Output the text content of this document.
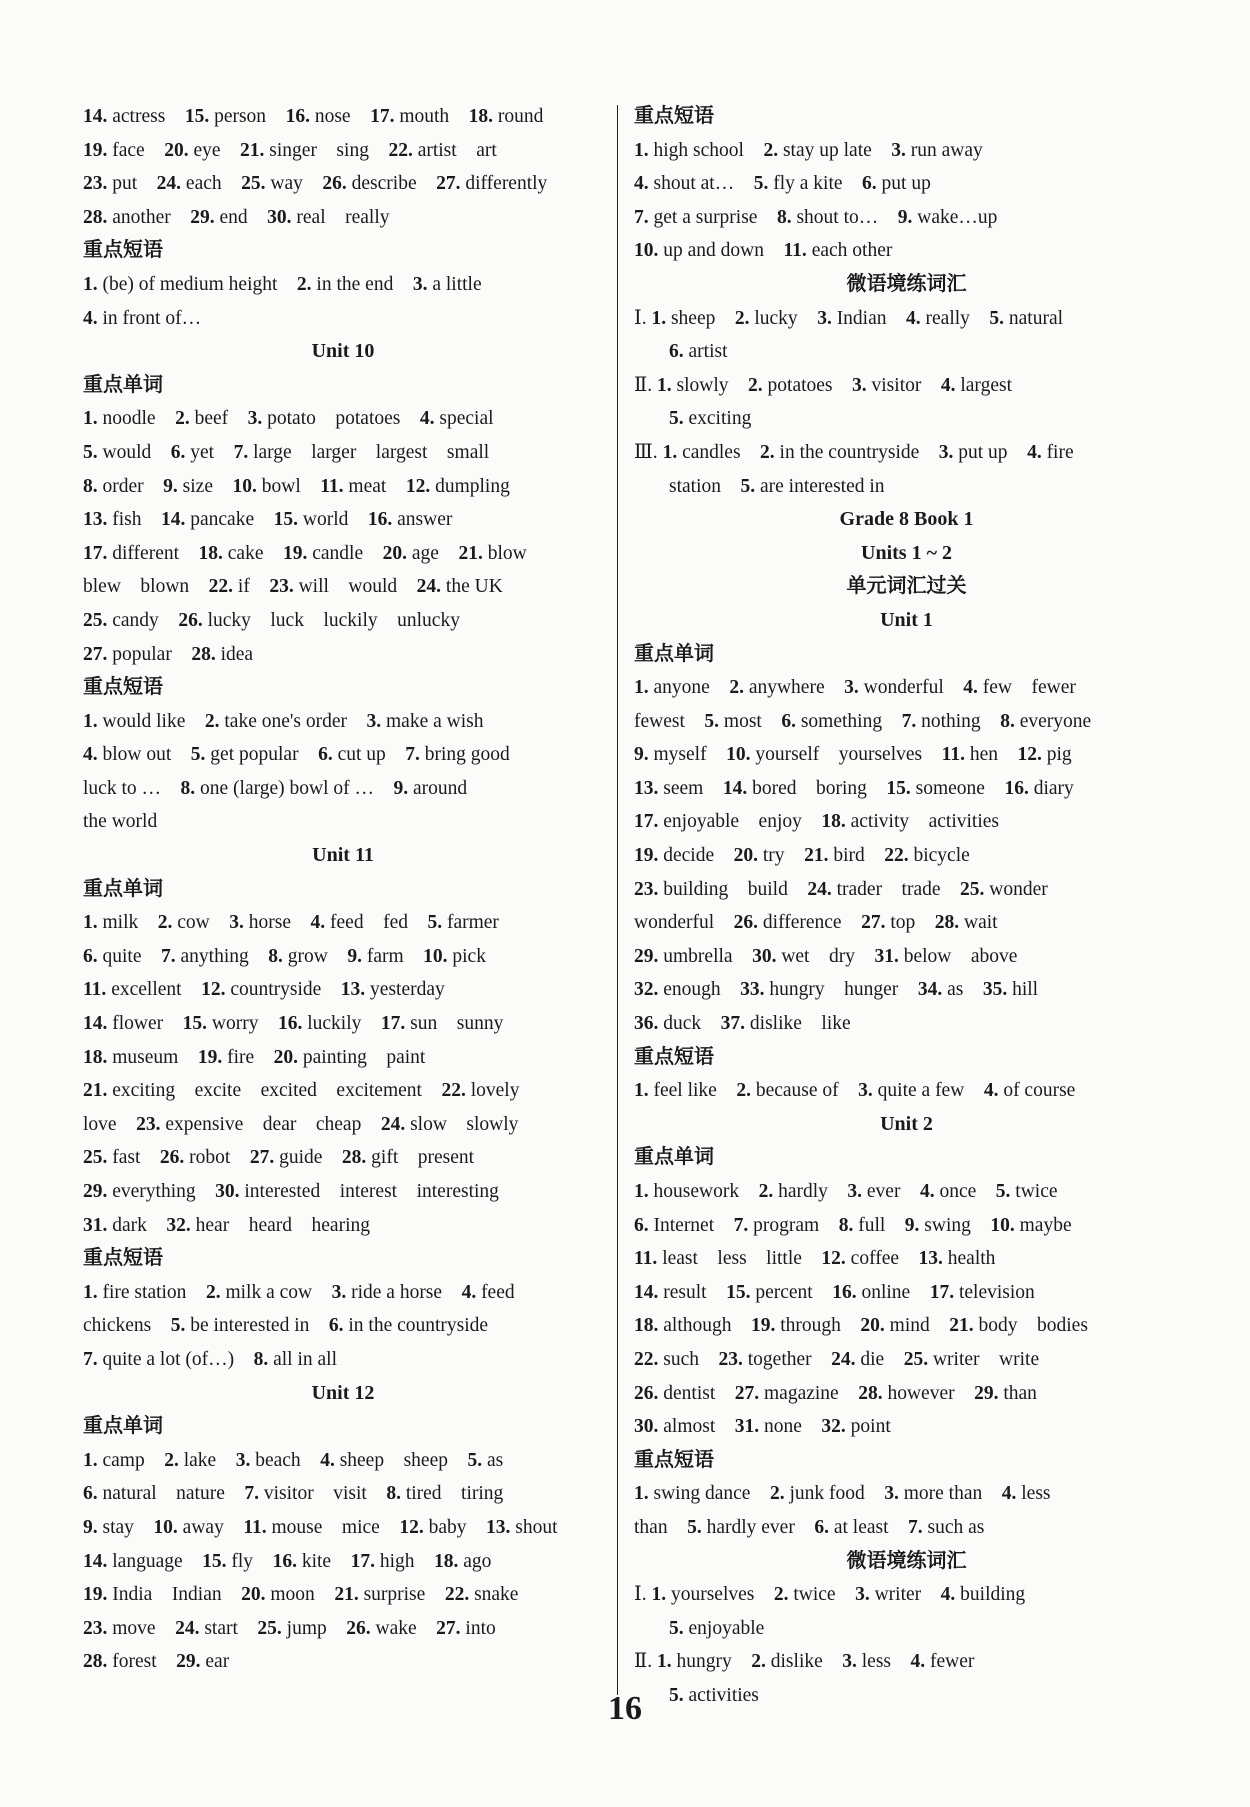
14. actress 15. person 16. nose 17. mouth 18. round
19. face 20. eye 21. singer sing 22. artist art
23. put 24. each 25. way 26. describe 27. differently
28. another 29. end 30. real really
重点短语
1. (be) of medium height 2. in the end 3. a little
4. in front of…
Unit 10
重点单词
1. noodle 2. beef 3. potato potatoes 4. special
5. would 6. yet 7. large larger largest small
8. order 9. size 10. bowl 11. meat 12. dumpling
13. fish 14. pancake 15. world 16. answer
17. different 18. cake 19. candle 20. age 21. blow
blew blown 22. if 23. will would 24. the UK
25. candy 26. lucky luck luckily unlucky
27. popular 28. idea
重点短语
1. would like 2. take one's order 3. make a wish
4. blow out 5. get popular 6. cut up 7. bring good
luck to … 8. one (large) bowl of … 9. around
the world
Unit 11
重点单词
1. milk 2. cow 3. horse 4. feed fed 5. farmer
6. quite 7. anything 8. grow 9. farm 10. pick
11. excellent 12. countryside 13. yesterday
14. flower 15. worry 16. luckily 17. sun sunny
18. museum 19. fire 20. painting paint
21. exciting excite excited excitement 22. lovely
love 23. expensive dear cheap 24. slow slowly
25. fast 26. robot 27. guide 28. gift present
29. everything 30. interested interest interesting
31. dark 32. hear heard hearing
重点短语
1. fire station 2. milk a cow 3. ride a horse 4. feed
chickens 5. be interested in 6. in the countryside
7. quite a lot (of…) 8. all in all
Unit 12
重点单词
1. camp 2. lake 3. beach 4. sheep sheep 5. as
6. natural nature 7. visitor visit 8. tired tiring
9. stay 10. away 11. mouse mice 12. baby 13. shout
14. language 15. fly 16. kite 17. high 18. ago
19. India Indian 20. moon 21. surprise 22. snake
23. move 24. start 25. jump 26. wake 27. into
28. forest 29. ear
重点短语
1. high school 2. stay up late 3. run away
4. shout at… 5. fly a kite 6. put up
7. get a surprise 8. shout to… 9. wake…up
10. up and down 11. each other
微语境练词汇
Ⅰ. 1. sheep 2. lucky 3. Indian 4. really 5. natural
6. artist
Ⅱ. 1. slowly 2. potatoes 3. visitor 4. largest
5. exciting
Ⅲ. 1. candles 2. in the countryside 3. put up 4. fire
station 5. are interested in
Grade 8 Book 1
Units 1 ~ 2
单元词汇过关
Unit 1
重点单词
1. anyone 2. anywhere 3. wonderful 4. few fewer
fewest 5. most 6. something 7. nothing 8. everyone
9. myself 10. yourself yourselves 11. hen 12. pig
13. seem 14. bored boring 15. someone 16. diary
17. enjoyable enjoy 18. activity activities
19. decide 20. try 21. bird 22. bicycle
23. building build 24. trader trade 25. wonder
wonderful 26. difference 27. top 28. wait
29. umbrella 30. wet dry 31. below above
32. enough 33. hungry hunger 34. as 35. hill
36. duck 37. dislike like
重点短语
1. feel like 2. because of 3. quite a few 4. of course
Unit 2
重点单词
1. housework 2. hardly 3. ever 4. once 5. twice
6. Internet 7. program 8. full 9. swing 10. maybe
11. least less little 12. coffee 13. health
14. result 15. percent 16. online 17. television
18. although 19. through 20. mind 21. body bodies
22. such 23. together 24. die 25. writer write
26. dentist 27. magazine 28. however 29. than
30. almost 31. none 32. point
重点短语
1. swing dance 2. junk food 3. more than 4. less
than 5. hardly ever 6. at least 7. such as
微语境练词汇
Ⅰ. 1. yourselves 2. twice 3. writer 4. building
5. enjoyable
Ⅱ. 1. hungry 2. dislike 3. less 4. fewer
5. activities
16
